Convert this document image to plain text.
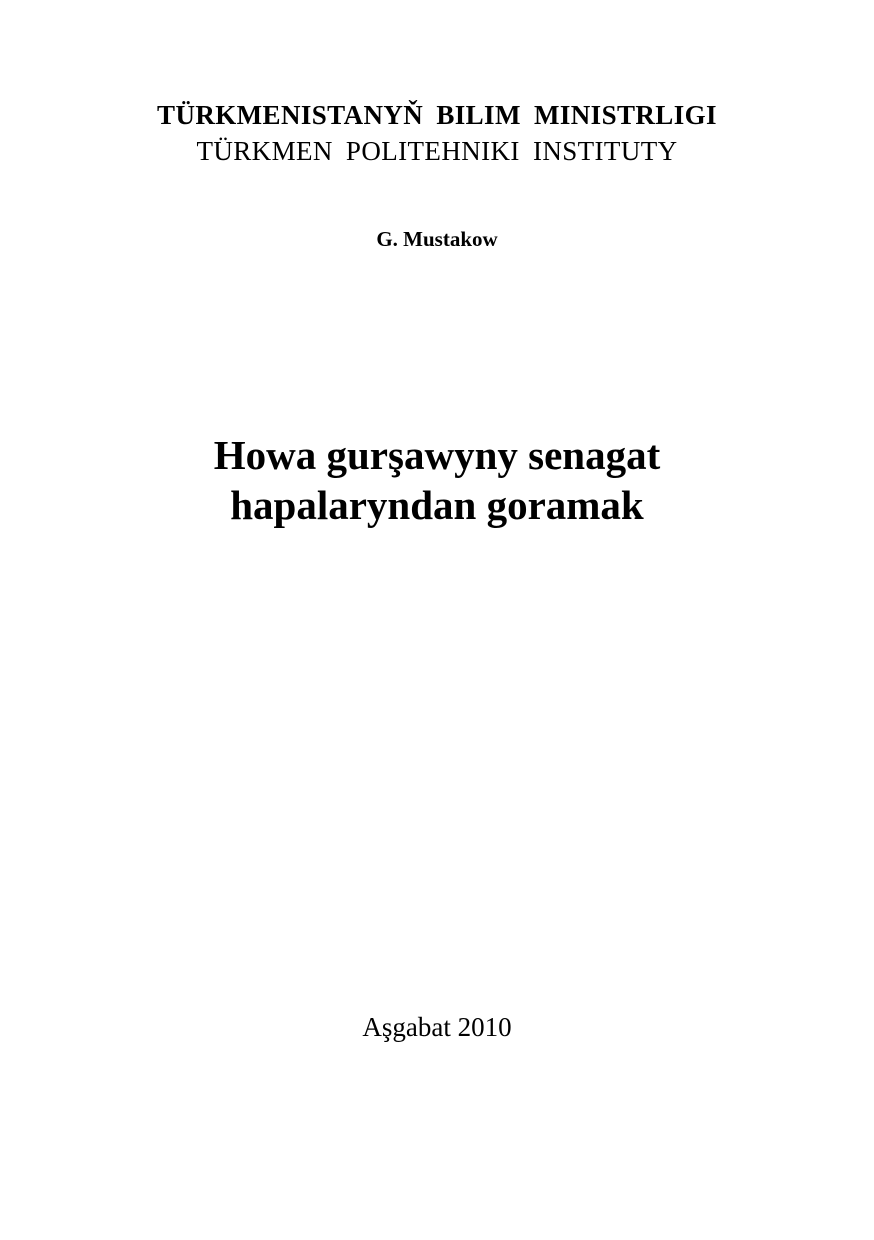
TÜRKMENISTANYŇ BILIM MINISTRLIGI
TÜRKMEN POLITEHNIKI INSTITUTY
G. Mustakow
Howa gurşawyny senagat
hapalaryndan goramak
Aşgabat 2010
